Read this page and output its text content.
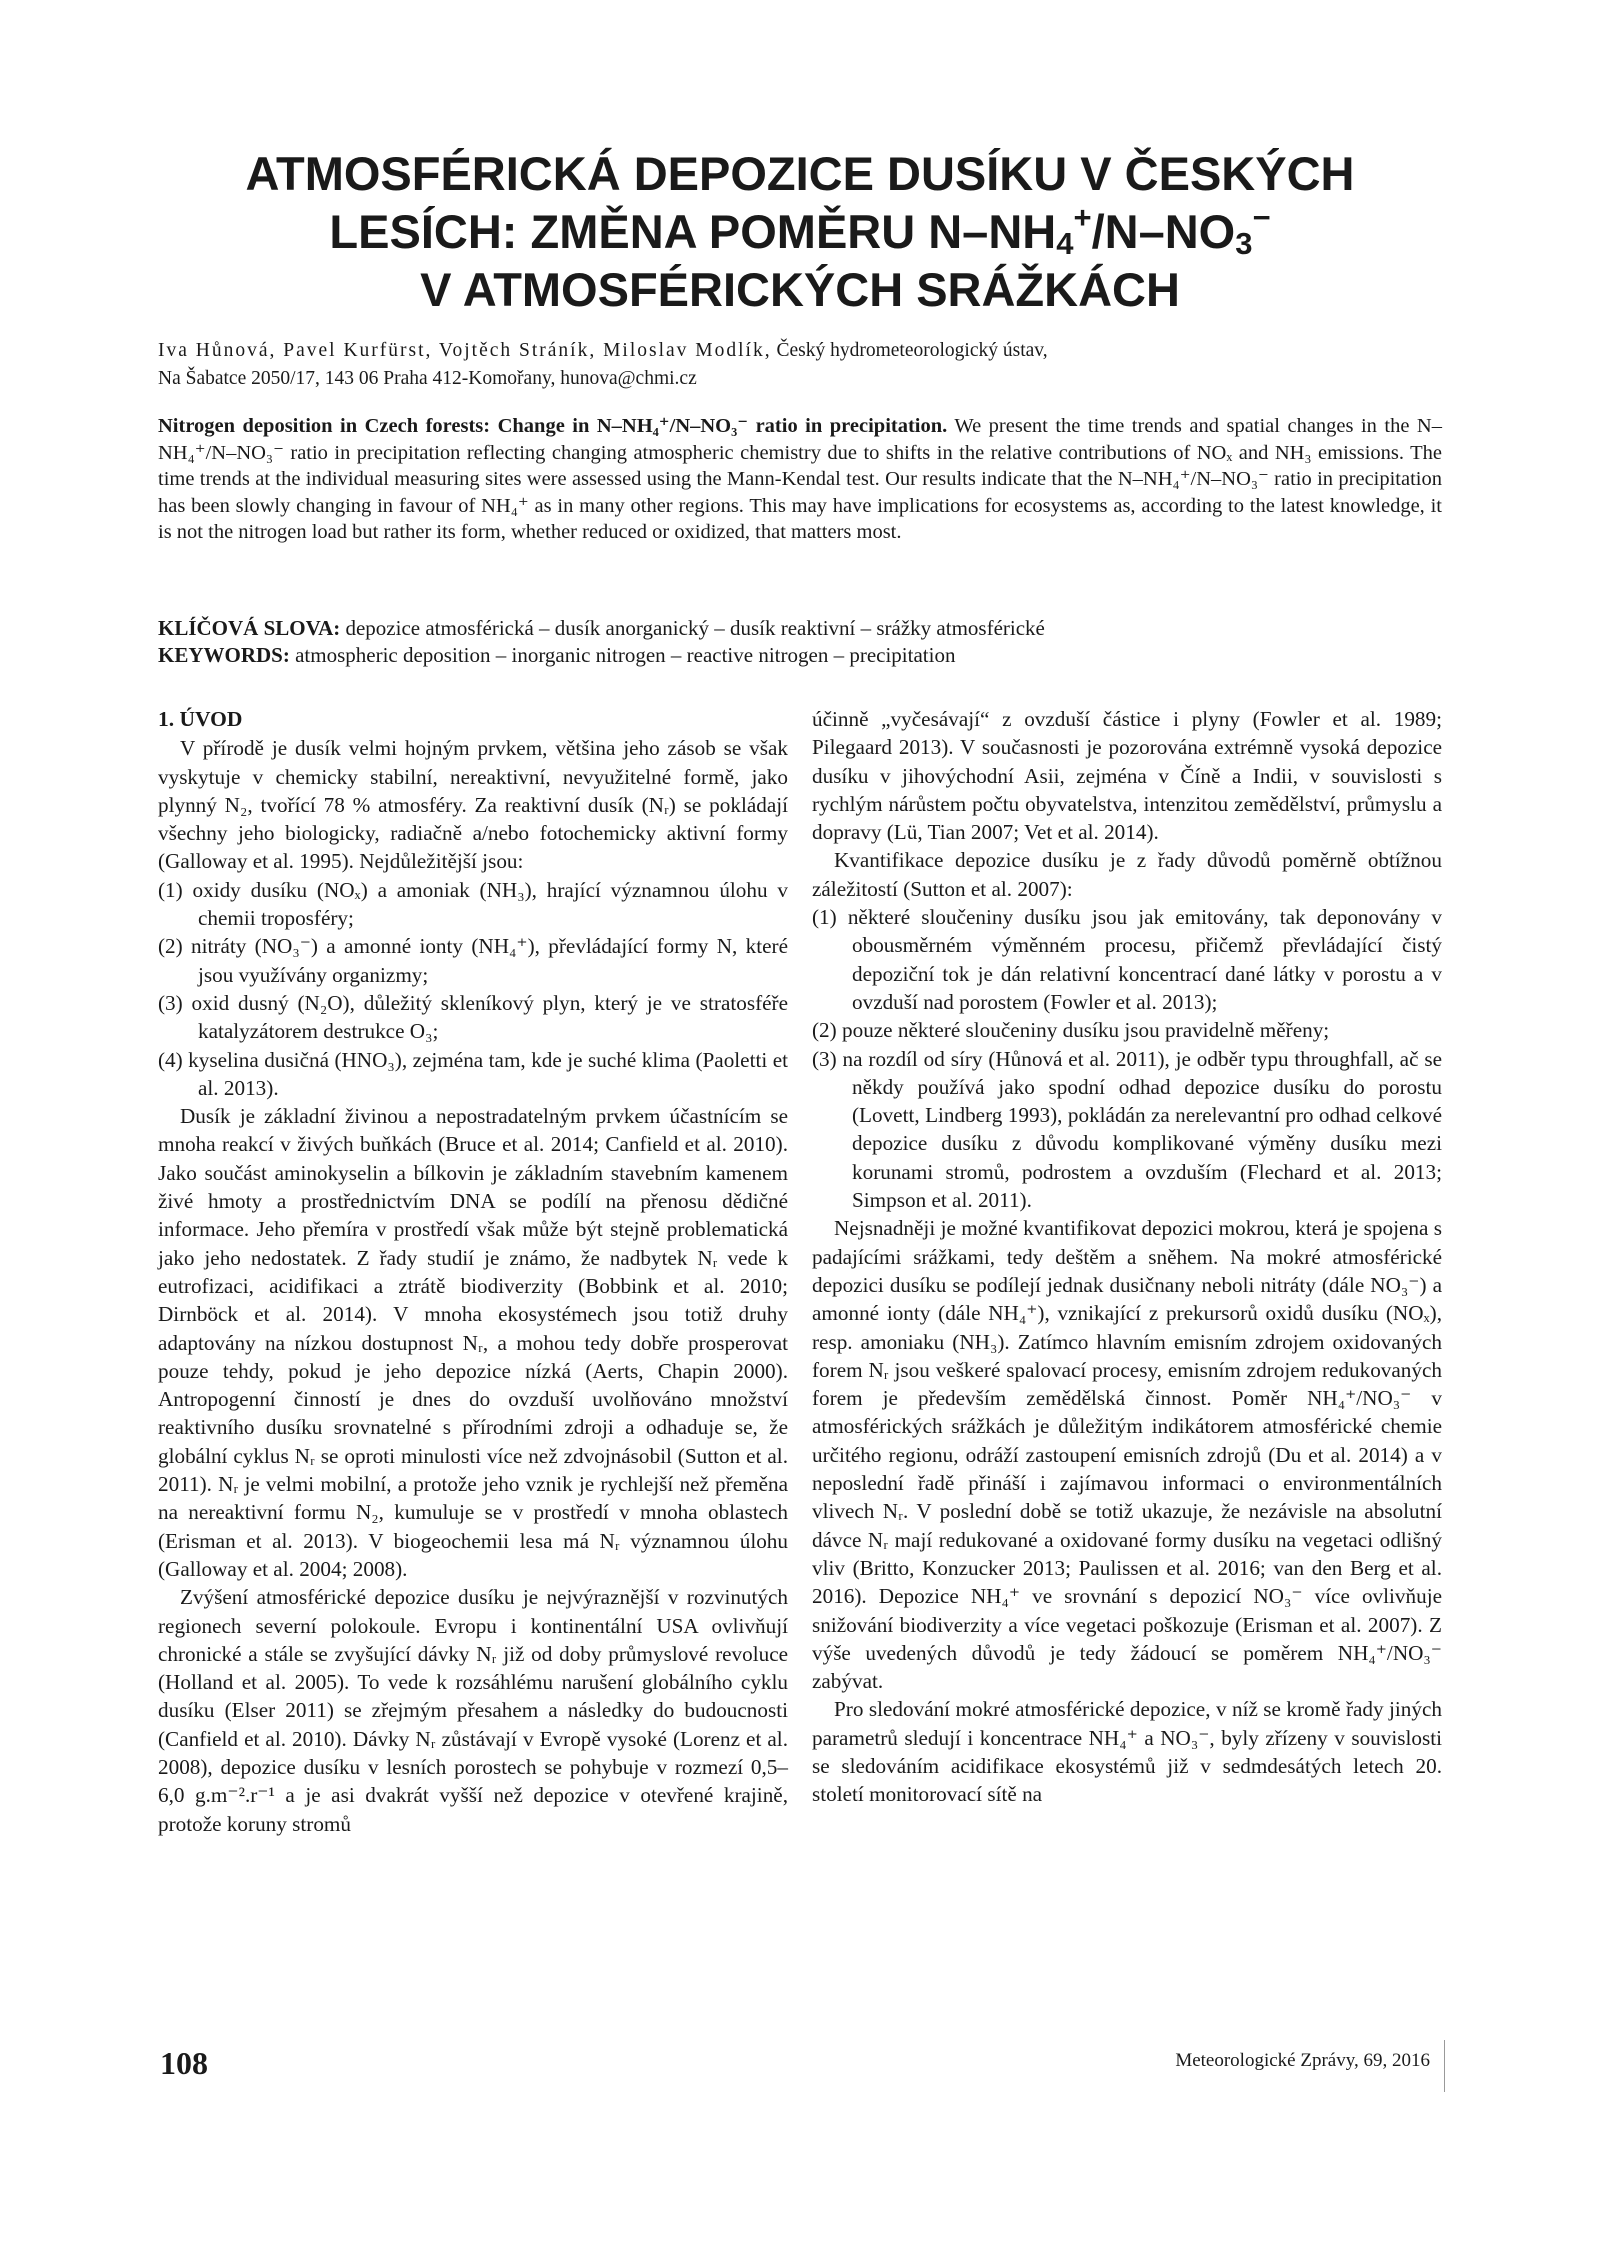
ATMOSFÉRICKÁ DEPOZICE DUSÍKU V ČESKÝCH
LESÍCH: ZMĚNA POMĚRU $N-NH_4^+/N-NO_3^-$
V ATMOSFÉRICKÝCH SRÁŽKÁCH
Iva Hůnová, Pavel Kurfürst, Vojtěch Stráník, Miloslav Modlík, Český hydrometeorologický ústav,
Na Šabatce 2050/17, 143 06 Praha 412-Komořany, hunova@chmi.cz
Nitrogen deposition in Czech forests: Change in N–NH₄⁺/N–NO₃⁻ ratio in precipitation. We present the time trends and spatial changes in the N–NH₄⁺/N–NO₃⁻ ratio in precipitation reflecting changing atmospheric chemistry due to shifts in the relative contributions of NOₓ and NH₃ emissions. The time trends at the individual measuring sites were assessed using the Mann-Kendal test. Our results indicate that the N–NH₄⁺/N–NO₃⁻ ratio in precipitation has been slowly changing in favour of NH₄⁺ as in many other regions. This may have implications for ecosystems as, according to the latest knowledge, it is not the nitrogen load but rather its form, whether reduced or oxidized, that matters most.
KLÍČOVÁ SLOVA: depozice atmosférická – dusík anorganický – dusík reaktivní – srážky atmosférické
KEYWORDS: atmospheric deposition – inorganic nitrogen – reactive nitrogen – precipitation
1. ÚVOD

V přírodě je dusík velmi hojným prvkem, většina jeho zásob se však vyskytuje v chemicky stabilní, nereaktivní, nevyužitelné formě, jako plynný N₂, tvořící 78 % atmosféry. Za reaktivní dusík (Nᵣ) se pokládají všechny jeho biologicky, radiačně a/nebo fotochemicky aktivní formy (Galloway et al. 1995). Nejdůležitější jsou:

(1) oxidy dusíku (NOₓ) a amoniak (NH₃), hrající významnou úlohu v chemii troposféry;
(2) nitráty (NO₃⁻) a amonné ionty (NH₄⁺), převládající formy N, které jsou využívány organizmy;
(3) oxid dusný (N₂O), důležitý skleníkový plyn, který je ve stratosféře katalyzátorem destrukce O₃;
(4) kyselina dusičná (HNO₃), zejména tam, kde je suché klima (Paoletti et al. 2013).

Dusík je základní živinou a nepostradatelným prvkem účastnícím se mnoha reakcí v živých buňkách (Bruce et al. 2014; Canfield et al. 2010). Jako součást aminokyselin a bílkovin je základním stavebním kamenem živé hmoty a prostřednictvím DNA se podílí na přenosu dědičné informace. Jeho přemíra v prostředí však může být stejně problematická jako jeho nedostatek. Z řady studií je známo, že nadbytek Nᵣ vede k eutrofizaci, acidifikaci a ztrátě biodiverzity (Bobbink et al. 2010; Dirnböck et al. 2014). V mnoha ekosystémech jsou totiž druhy adaptovány na nízkou dostupnost Nᵣ, a mohou tedy dobře prosperovat pouze tehdy, pokud je jeho depozice nízká (Aerts, Chapin 2000). Antropogenní činností je dnes do ovzduší uvolňováno množství reaktivního dusíku srovnatelné s přírodními zdroji a odhaduje se, že globální cyklus Nᵣ se oproti minulosti více než zdvojnásobil (Sutton et al. 2011). Nᵣ je velmi mobilní, a protože jeho vznik je rychlejší než přeměna na nereaktivní formu N₂, kumuluje se v prostředí v mnoha oblastech (Erisman et al. 2013). V biogeochemii lesa má Nᵣ významnou úlohu (Galloway et al. 2004; 2008).

Zvýšení atmosférické depozice dusíku je nejvýraznější v rozvinutých regionech severní polokoule. Evropu i kontinentální USA ovlivňují chronické a stále se zvyšující dávky Nᵣ již od doby průmyslové revoluce (Holland et al. 2005). To vede k rozsáhlému narušení globálního cyklu dusíku (Elser 2011) se zřejmým přesahem a následky do budoucnosti (Canfield et al. 2010). Dávky Nᵣ zůstávají v Evropě vysoké (Lorenz et al. 2008), depozice dusíku v lesních porostech se pohybuje v rozmezí 0,5–6,0 g.m⁻².r⁻¹ a je asi dvakrát vyšší než depozice v otevřené krajině, protože koruny stromů

účinně „vyčesávají“ z ovzduší částice i plyny (Fowler et al. 1989; Pilegaard 2013). V současnosti je pozorována extrémně vysoká depozice dusíku v jihovýchodní Asii, zejména v Číně a Indii, v souvislosti s rychlým nárůstem počtu obyvatelstva, intenzitou zemědělství, průmyslu a dopravy (Lü, Tian 2007; Vet et al. 2014).

Kvantifikace depozice dusíku je z řady důvodů poměrně obtížnou záležitostí (Sutton et al. 2007):

(1) některé sloučeniny dusíku jsou jak emitovány, tak deponovány v obousměrném výměnném procesu, přičemž převládající čistý depoziční tok je dán relativní koncentrací dané látky v porostu a v ovzduší nad porostem (Fowler et al. 2013);
(2) pouze některé sloučeniny dusíku jsou pravidelně měřeny;
(3) na rozdíl od síry (Hůnová et al. 2011), je odběr typu throughfall, ač se někdy používá jako spodní odhad depozice dusíku do porostu (Lovett, Lindberg 1993), pokládán za nerelevantní pro odhad celkové depozice dusíku z důvodu komplikované výměny dusíku mezi korunami stromů, podrostem a ovzduším (Flechard et al. 2013; Simpson et al. 2011).

Nejsnadněji je možné kvantifikovat depozici mokrou, která je spojena s padajícími srážkami, tedy deštěm a sněhem. Na mokré atmosférické depozici dusíku se podílejí jednak dusičnany neboli nitráty (dále NO₃⁻) a amonné ionty (dále NH₄⁺), vznikající z prekursorů oxidů dusíku (NOₓ), resp. amoniaku (NH₃). Zatímco hlavním emisním zdrojem oxidovaných forem Nᵣ jsou veškeré spalovací procesy, emisním zdrojem redukovaných forem je především zemědělská činnost. Poměr NH₄⁺/NO₃⁻ v atmosférických srážkách je důležitým indikátorem atmosférické chemie určitého regionu, odráží zastoupení emisních zdrojů (Du et al. 2014) a v neposlední řadě přináší i zajímavou informaci o environmentálních vlivech Nᵣ. V poslední době se totiž ukazuje, že nezávisle na absolutní dávce Nᵣ mají redukované a oxidované formy dusíku na vegetaci odlišný vliv (Britto, Konzucker 2013; Paulissen et al. 2016; van den Berg et al. 2016). Depozice NH₄⁺ ve srovnání s depozicí NO₃⁻ více ovlivňuje snižování biodiverzity a více vegetaci poškozuje (Erisman et al. 2007). Z výše uvedených důvodů je tedy žádoucí se poměrem NH₄⁺/NO₃⁻ zabývat.

Pro sledování mokré atmosférické depozice, v níž se kromě řady jiných parametrů sledují i koncentrace NH₄⁺ a NO₃⁻, byly zřízeny v souvislosti se sledováním acidifikace ekosystémů již v sedmdesátých letech 20. století monitorovací sítě na

108	Meteorologické Zprávy, 69, 2016
